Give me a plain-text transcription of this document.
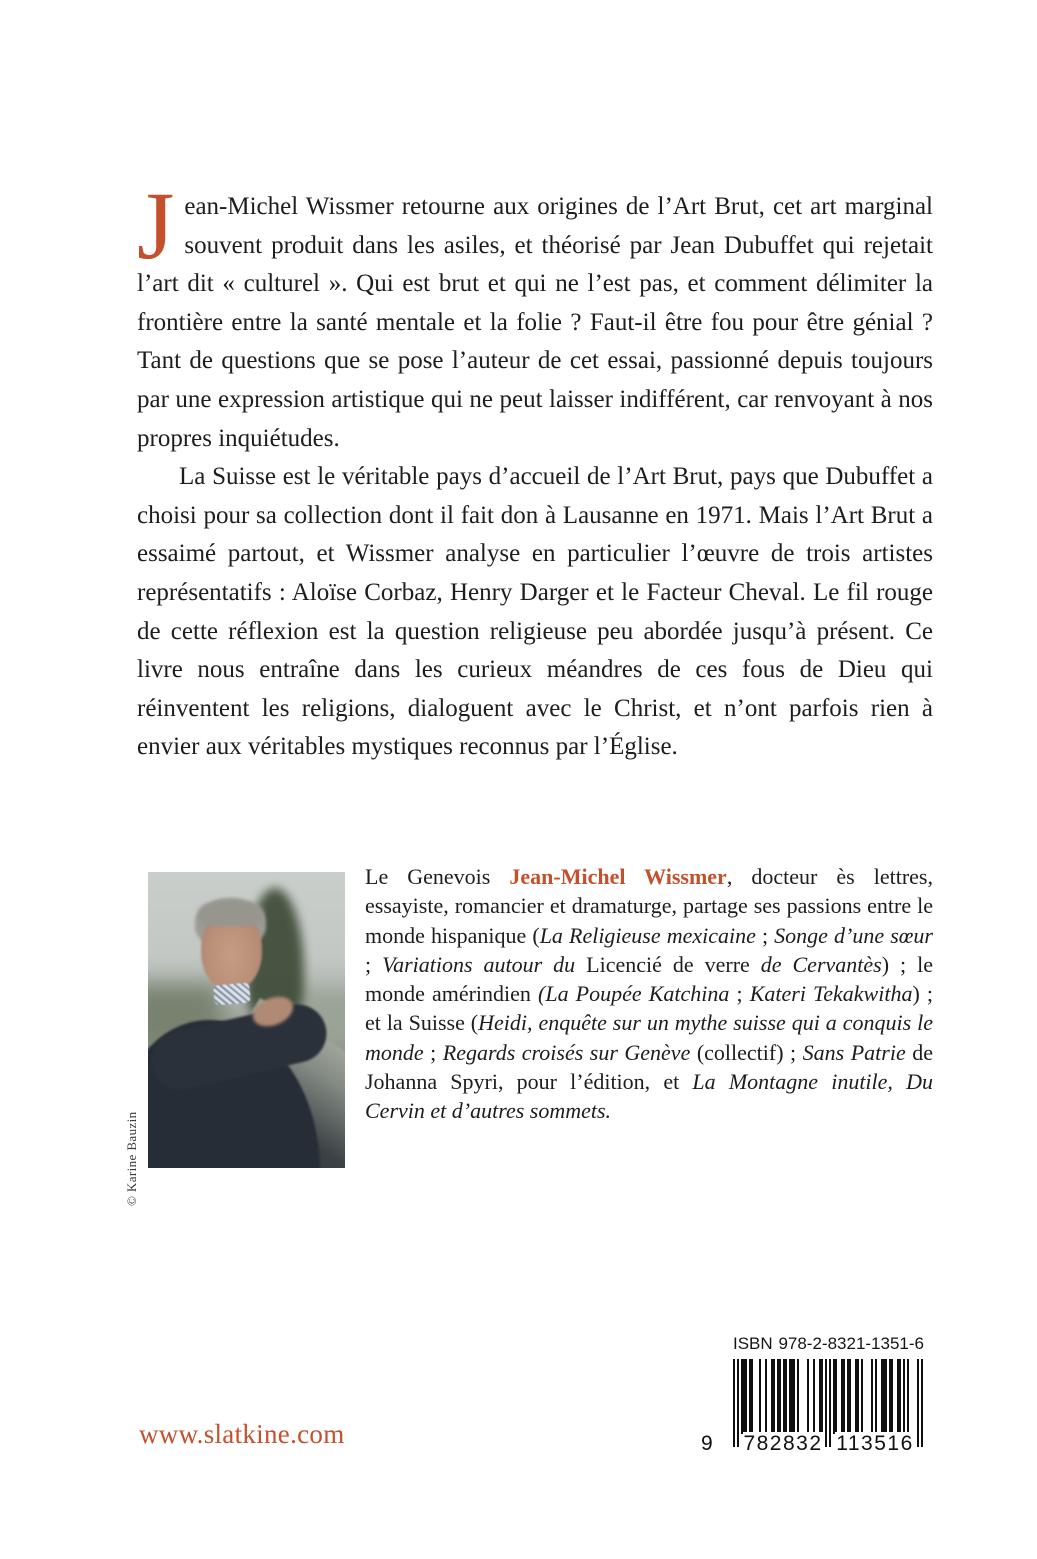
Jean-Michel Wissmer retourne aux origines de l’Art Brut, cet art marginal souvent produit dans les asiles, et théorisé par Jean Dubuffet qui rejetait l’art dit « culturel ». Qui est brut et qui ne l’est pas, et comment délimiter la frontière entre la santé mentale et la folie ? Faut-il être fou pour être génial ? Tant de questions que se pose l’auteur de cet essai, passionné depuis toujours par une expression artistique qui ne peut laisser indifférent, car renvoyant à nos propres inquiétudes.

La Suisse est le véritable pays d’accueil de l’Art Brut, pays que Dubuffet a choisi pour sa collection dont il fait don à Lausanne en 1971. Mais l’Art Brut a essaimé partout, et Wissmer analyse en particulier l’œuvre de trois artistes représentatifs : Aloïse Corbaz, Henry Darger et le Facteur Cheval. Le fil rouge de cette réflexion est la question religieuse peu abordée jusqu’à présent. Ce livre nous entraîne dans les curieux méandres de ces fous de Dieu qui réinventent les religions, dialoguent avec le Christ, et n’ont parfois rien à envier aux véritables mystiques reconnus par l’Église.

© Karine Bauzin

Le Genevois Jean-Michel Wissmer, docteur ès lettres, essayiste, romancier et dramaturge, partage ses passions entre le monde hispanique (La Religieuse mexicaine ; Songe d’une sœur ; Variations autour du Licencié de verre de Cervantès) ; le monde amérindien (La Poupée Katchina ; Kateri Tekakwitha) ; et la Suisse (Heidi, enquête sur un mythe suisse qui a conquis le monde ; Regards croisés sur Genève (collectif) ; Sans Patrie de Johanna Spyri, pour l’édition, et La Montagne inutile, Du Cervin et d’autres sommets.

ISBN 978-2-8321-1351-6
9 782832 113516
www.slatkine.com
